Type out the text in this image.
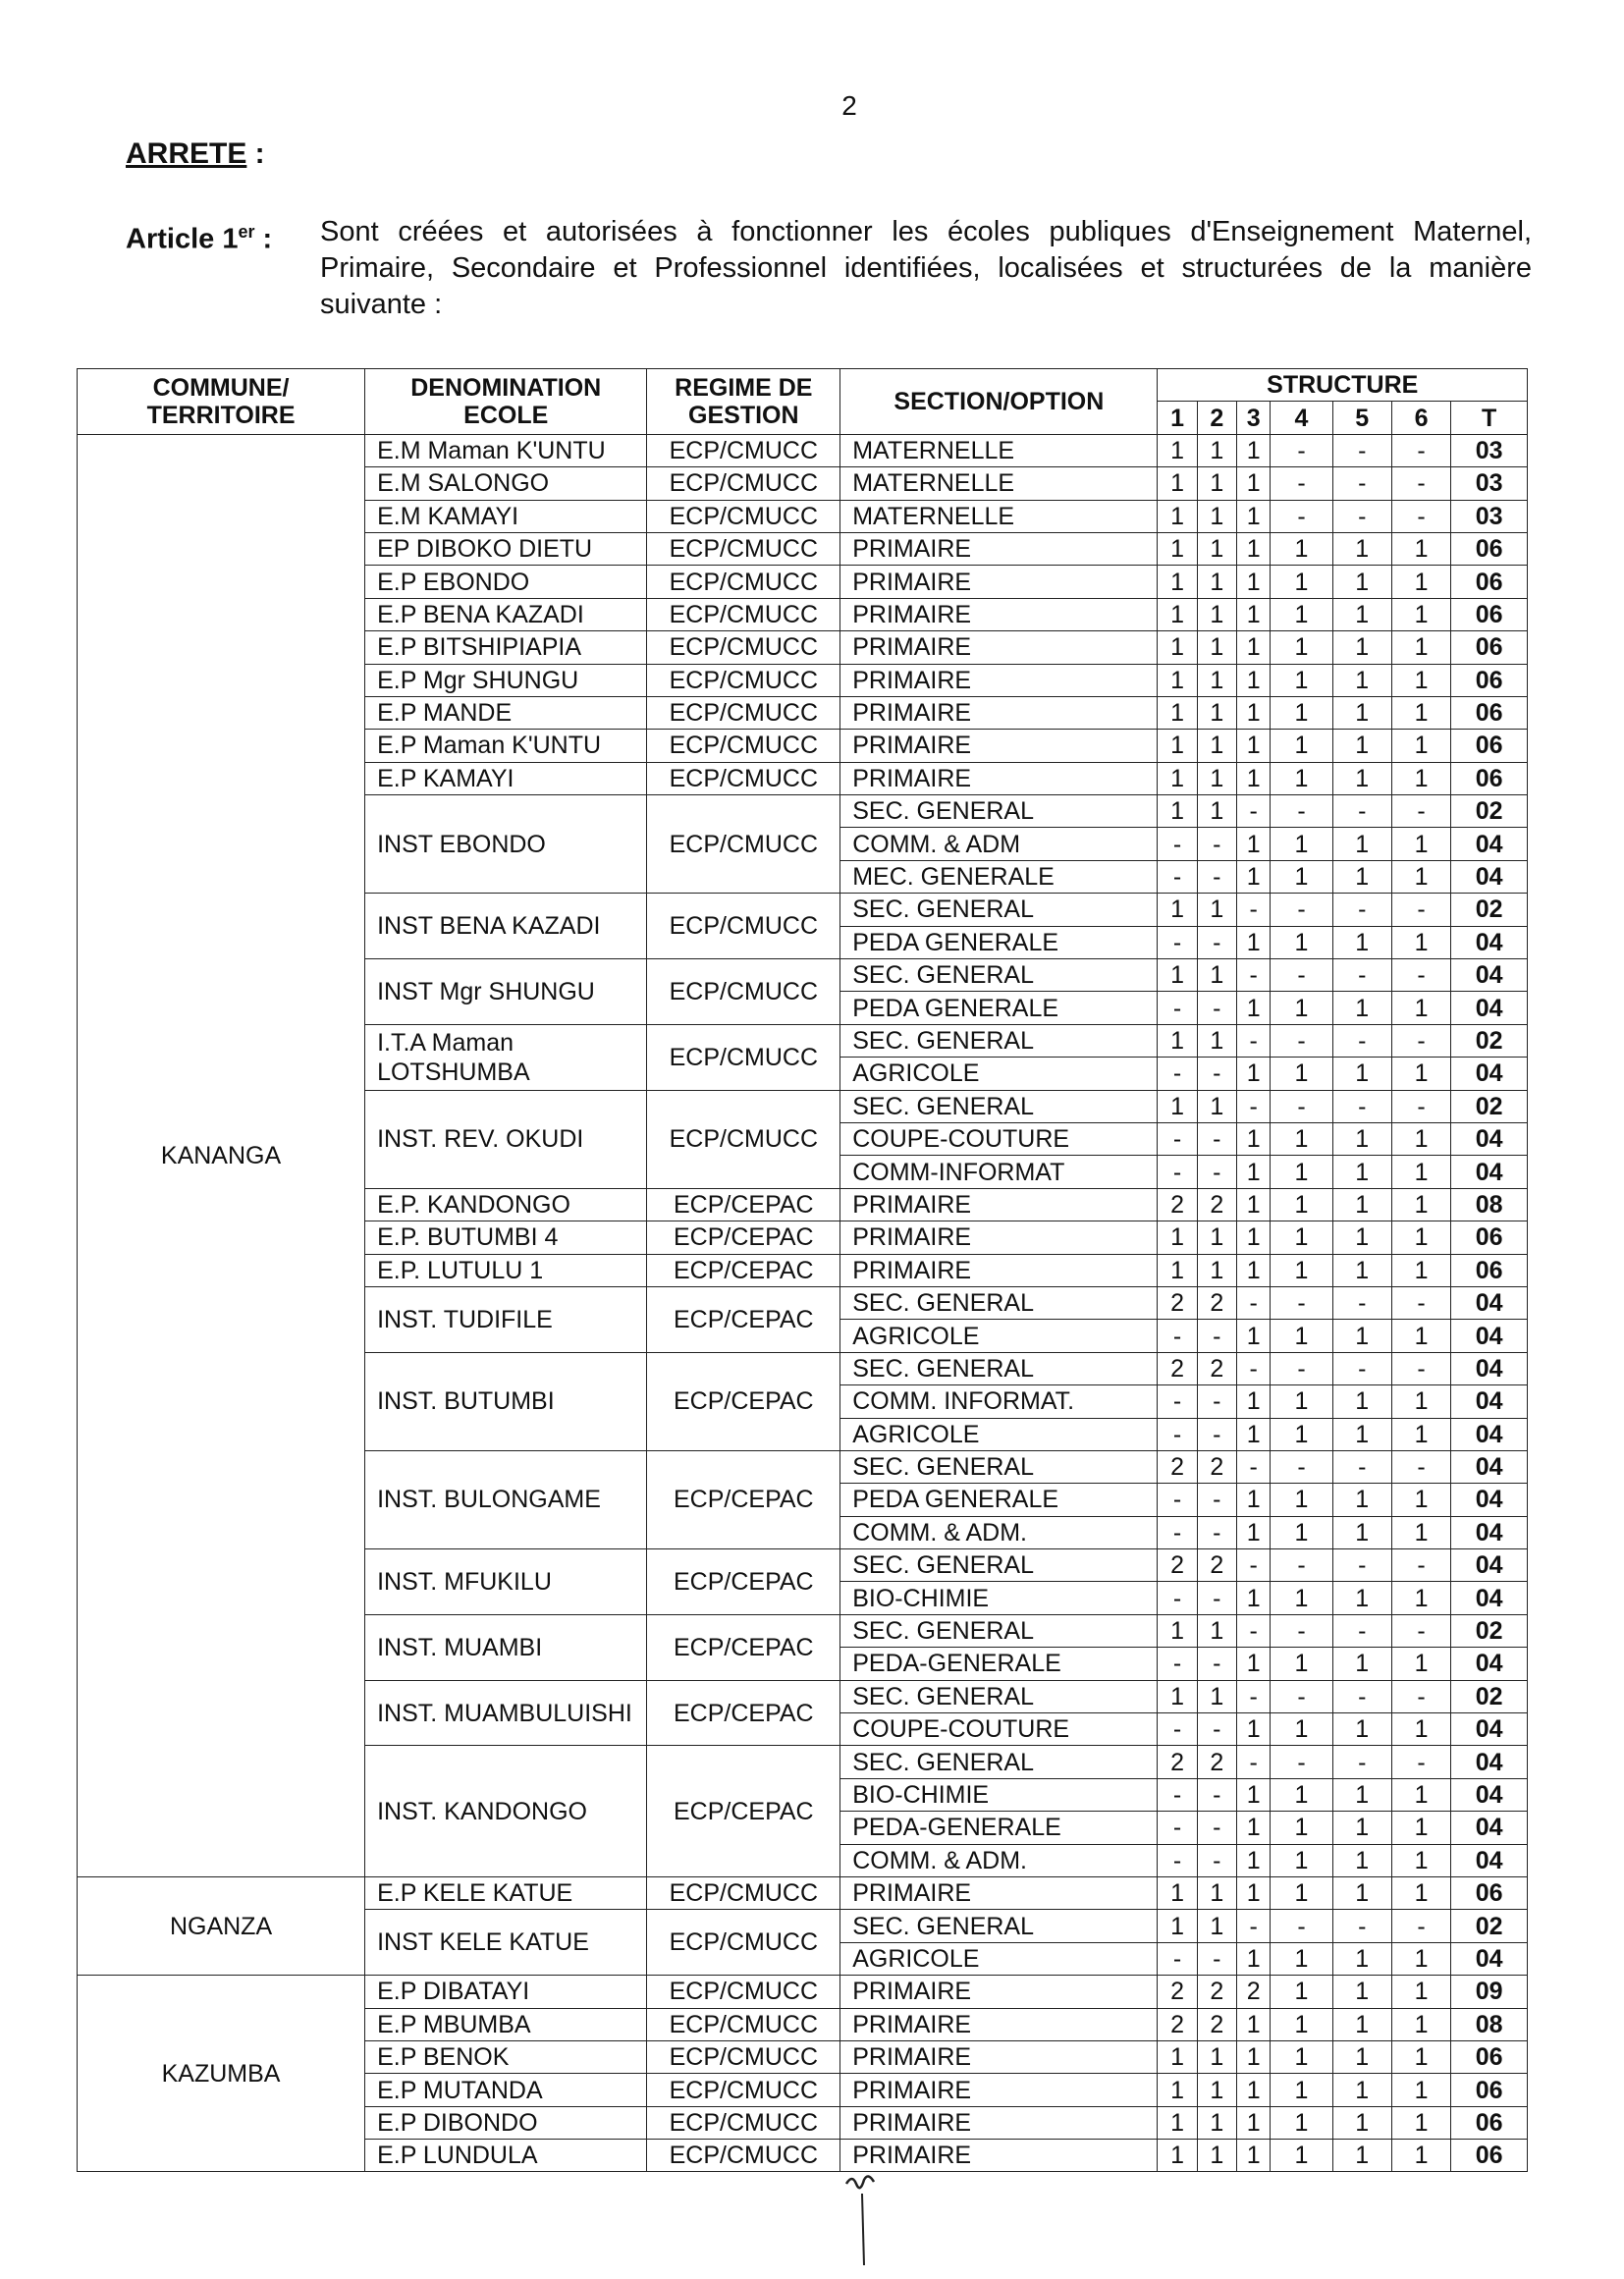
2
ARRETE :
Article 1er : Sont créées et autorisées à fonctionner les écoles publiques d'Enseignement Maternel, Primaire, Secondaire et Professionnel identifiées, localisées et structurées de la manière suivante :
COMMUNE/ TERRITOIRE	DENOMINATION ECOLE	REGIME DE GESTION	SECTION/OPTION	STRUCTURE						
				1	2	3	4	5	6	T
KANANGA	E.M Maman K'UNTU	ECP/CMUCC	MATERNELLE	1	1	1	-	-	-	03
	E.M SALONGO	ECP/CMUCC	MATERNELLE	1	1	1	-	-	-	03
	E.M KAMAYI	ECP/CMUCC	MATERNELLE	1	1	1	-	-	-	03
	EP DIBOKO DIETU	ECP/CMUCC	PRIMAIRE	1	1	1	1	1	1	06
	E.P EBONDO	ECP/CMUCC	PRIMAIRE	1	1	1	1	1	1	06
	E.P BENA KAZADI	ECP/CMUCC	PRIMAIRE	1	1	1	1	1	1	06
	E.P BITSHIPIAPIA	ECP/CMUCC	PRIMAIRE	1	1	1	1	1	1	06
	E.P Mgr SHUNGU	ECP/CMUCC	PRIMAIRE	1	1	1	1	1	1	06
	E.P MANDE	ECP/CMUCC	PRIMAIRE	1	1	1	1	1	1	06
	E.P Maman K'UNTU	ECP/CMUCC	PRIMAIRE	1	1	1	1	1	1	06
	E.P KAMAYI	ECP/CMUCC	PRIMAIRE	1	1	1	1	1	1	06
	INST EBONDO	ECP/CMUCC	SEC. GENERAL	1	1	-	-	-	-	02
			COMM. & ADM	-	-	1	1	1	1	04
			MEC. GENERALE	-	-	1	1	1	1	04
	INST BENA KAZADI	ECP/CMUCC	SEC. GENERAL	1	1	-	-	-	-	02
			PEDA GENERALE	-	-	1	1	1	1	04
	INST Mgr SHUNGU	ECP/CMUCC	SEC. GENERAL	1	1	-	-	-	-	04
			PEDA GENERALE	-	-	1	1	1	1	04
	I.T.A Maman LOTSHUMBA	ECP/CMUCC	SEC. GENERAL	1	1	-	-	-	-	02
			AGRICOLE	-	-	1	1	1	1	04
	INST. REV. OKUDI	ECP/CMUCC	SEC. GENERAL	1	1	-	-	-	-	02
			COUPE-COUTURE	-	-	1	1	1	1	04
			COMM-INFORMAT	-	-	1	1	1	1	04
	E.P. KANDONGO	ECP/CEPAC	PRIMAIRE	2	2	1	1	1	1	08
	E.P. BUTUMBI 4	ECP/CEPAC	PRIMAIRE	1	1	1	1	1	1	06
	E.P. LUTULU 1	ECP/CEPAC	PRIMAIRE	1	1	1	1	1	1	06
	INST. TUDIFILE	ECP/CEPAC	SEC. GENERAL	2	2	-	-	-	-	04
			AGRICOLE	-	-	1	1	1	1	04
	INST. BUTUMBI	ECP/CEPAC	SEC. GENERAL	2	2	-	-	-	-	04
			COMM. INFORMAT.	-	-	1	1	1	1	04
			AGRICOLE	-	-	1	1	1	1	04
	INST. BULONGAME	ECP/CEPAC	SEC. GENERAL	2	2	-	-	-	-	04
			PEDA GENERALE	-	-	1	1	1	1	04
			COMM. & ADM.	-	-	1	1	1	1	04
	INST. MFUKILU	ECP/CEPAC	SEC. GENERAL	2	2	-	-	-	-	04
			BIO-CHIMIE	-	-	1	1	1	1	04
	INST. MUAMBI	ECP/CEPAC	SEC. GENERAL	1	1	-	-	-	-	02
			PEDA-GENERALE	-	-	1	1	1	1	04
	INST. MUAMBULUISHI	ECP/CEPAC	SEC. GENERAL	1	1	-	-	-	-	02
			COUPE-COUTURE	-	-	1	1	1	1	04
	INST. KANDONGO	ECP/CEPAC	SEC. GENERAL	2	2	-	-	-	-	04
			BIO-CHIMIE	-	-	1	1	1	1	04
			PEDA-GENERALE	-	-	1	1	1	1	04
			COMM. & ADM.	-	-	1	1	1	1	04
NGANZA	E.P KELE KATUE	ECP/CMUCC	PRIMAIRE	1	1	1	1	1	1	06
	INST KELE KATUE	ECP/CMUCC	SEC. GENERAL	1	1	-	-	-	-	02
			AGRICOLE	-	-	1	1	1	1	04
KAZUMBA	E.P DIBATAYI	ECP/CMUCC	PRIMAIRE	2	2	2	1	1	1	09
	E.P MBUMBA	ECP/CMUCC	PRIMAIRE	2	2	1	1	1	1	08
	E.P BENOK	ECP/CMUCC	PRIMAIRE	1	1	1	1	1	1	06
	E.P MUTANDA	ECP/CMUCC	PRIMAIRE	1	1	1	1	1	1	06
	E.P DIBONDO	ECP/CMUCC	PRIMAIRE	1	1	1	1	1	1	06
	E.P LUNDULA	ECP/CMUCC	PRIMAIRE	1	1	1	1	1	1	06
